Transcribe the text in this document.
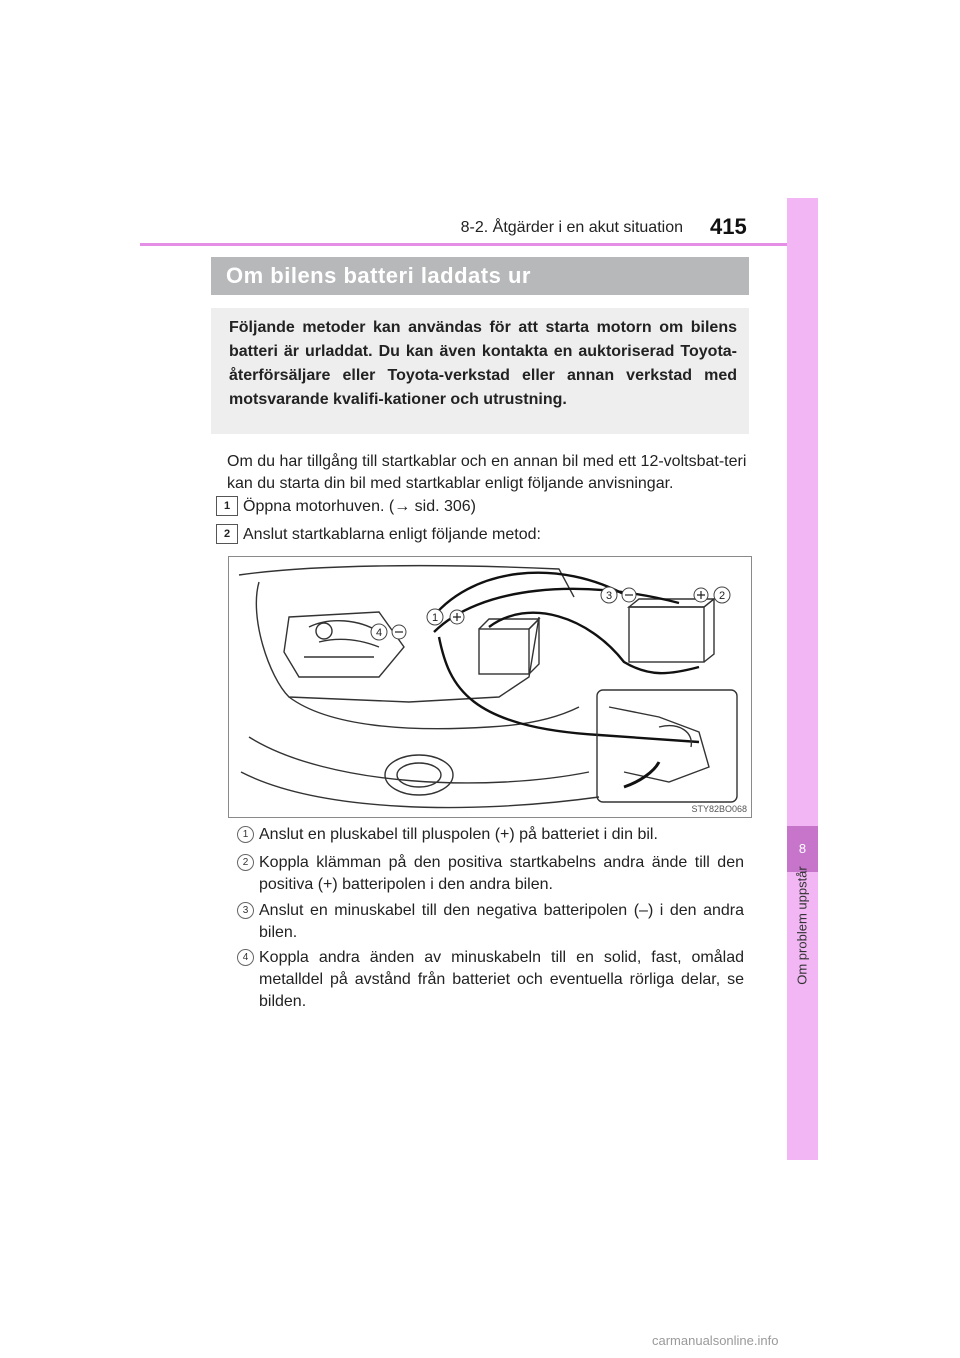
8-2. Åtgärder i en akut situation 415
8
Om problem uppstår
Om bilens batteri laddats ur
Följande metoder kan användas för att starta motorn om bilens batteri är urladdat. Du kan även kontakta en auktoriserad Toyota-återförsäljare eller Toyota-verkstad eller annan verkstad med motsvarande kvalifi-kationer och utrustning.
Om du har tillgång till startkablar och en annan bil med ett 12-voltsbat-teri kan du starta din bil med startkablar enligt följande anvisningar.
1 Öppna motorhuven. (→ sid. 306)
2 Anslut startkablarna enligt följande metod:
1
4
3	2
STY82BO068
1 Anslut en pluskabel till pluspolen (+) på batteriet i din bil.
2 Koppla klämman på den positiva startkabelns andra ände till den positiva (+) batteripolen i den andra bilen.
3 Anslut en minuskabel till den negativa batteripolen (–) i den andra bilen.
4 Koppla andra änden av minuskabeln till en solid, fast, omålad metalldel på avstånd från batteriet och eventuella rörliga delar, se bilden.
carmanualsonline.info
